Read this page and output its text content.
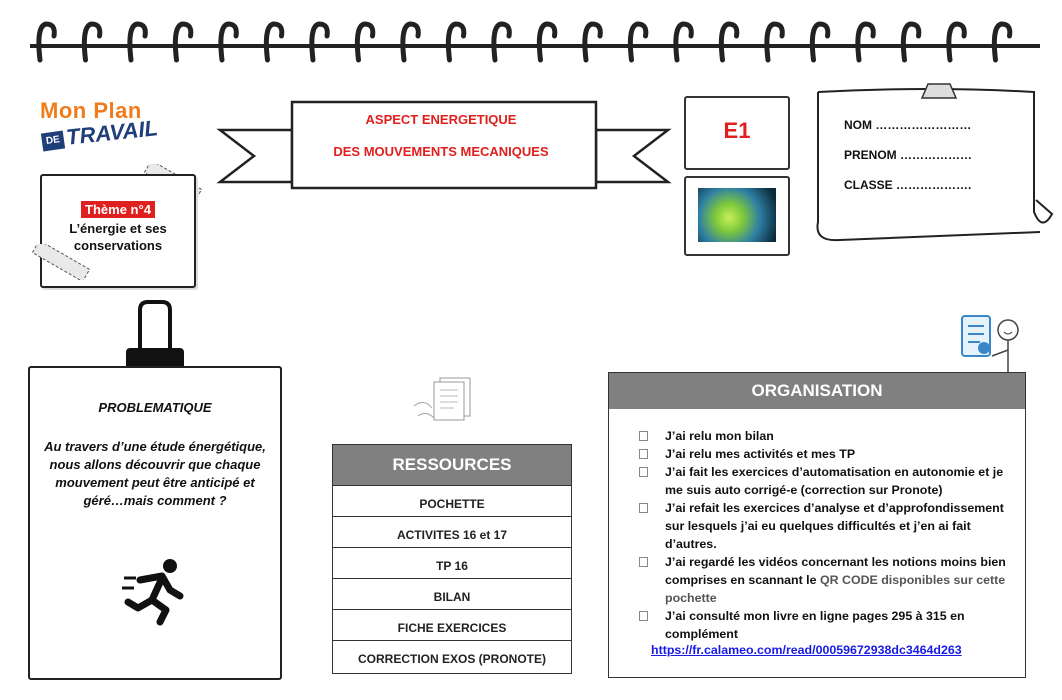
Mon Plan
DE TRAVAIL
Thème n°4
L’énergie et ses conservations
ASPECT ENERGETIQUE
DES MOUVEMENTS MECANIQUES
E1	NOM ……………………
PRENOM ………………
CLASSE ……………….
PROBLEMATIQUE
Au travers d’une étude énergétique, nous allons découvrir que chaque mouvement peut être anticipé et géré…mais comment ?
RESSOURCES
POCHETTE
ACTIVITES 16 et 17
TP 16
BILAN
FICHE EXERCICES
CORRECTION EXOS (PRONOTE)
ORGANISATION
J’ai relu mon bilan
J’ai relu mes activités et mes TP
J’ai fait les exercices d’automatisation en autonomie et je me suis auto corrigé-e (correction sur Pronote)
J’ai refait les exercices d’analyse et d’approfondissement sur lesquels j’ai eu quelques difficultés et j’en ai fait d’autres.
J’ai regardé les vidéos concernant les notions moins bien comprises en scannant le QR CODE disponibles sur cette pochette
J’ai consulté mon livre en ligne pages 295 à 315 en complément
https://fr.calameo.com/read/00059672938dc3464d263
